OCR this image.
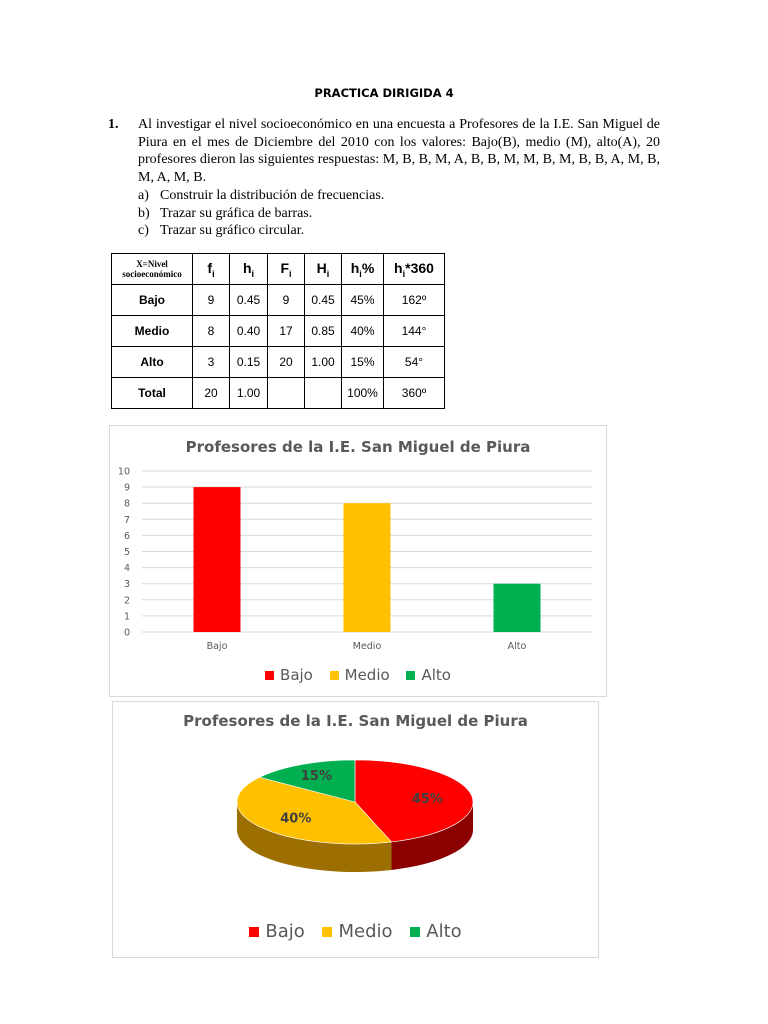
PRACTICA DIRIGIDA 4
1. Al investigar el nivel socioeconómico en una encuesta a Profesores de la I.E. San Miguel de Piura en el mes de Diciembre del 2010 con los valores: Bajo(B), medio (M), alto(A), 20 profesores dieron las siguientes respuestas: M, B, B, M, A, B, B, M, M, B, M, B, B, A, M, B, M, A, M, B.

a) Construir la distribución de frecuencias.
b) Trazar su gráfica de barras.
c) Trazar su gráfico circular.
X=Nivel
socioeconómico	$f_i$	$h_i$	$F_i$	$H_i$	$h_i\%$	$h_i*360$
Bajo	9	0.45	9	0.45	45%	162º
Medio	8	0.40	17	0.85	40%	144°
Alto	3	0.15	20	1.00	15%	54°
Total	20	1.00			100%	360º
Profesores de la I.E. San Miguel de Piura
0
1
2
3
4
5
6
7
8
9
10
Bajo	Medio	Alto
Bajo Medio Alto
Profesores de la I.E. San Miguel de Piura
45%
40%
15%
Bajo Medio Alto
